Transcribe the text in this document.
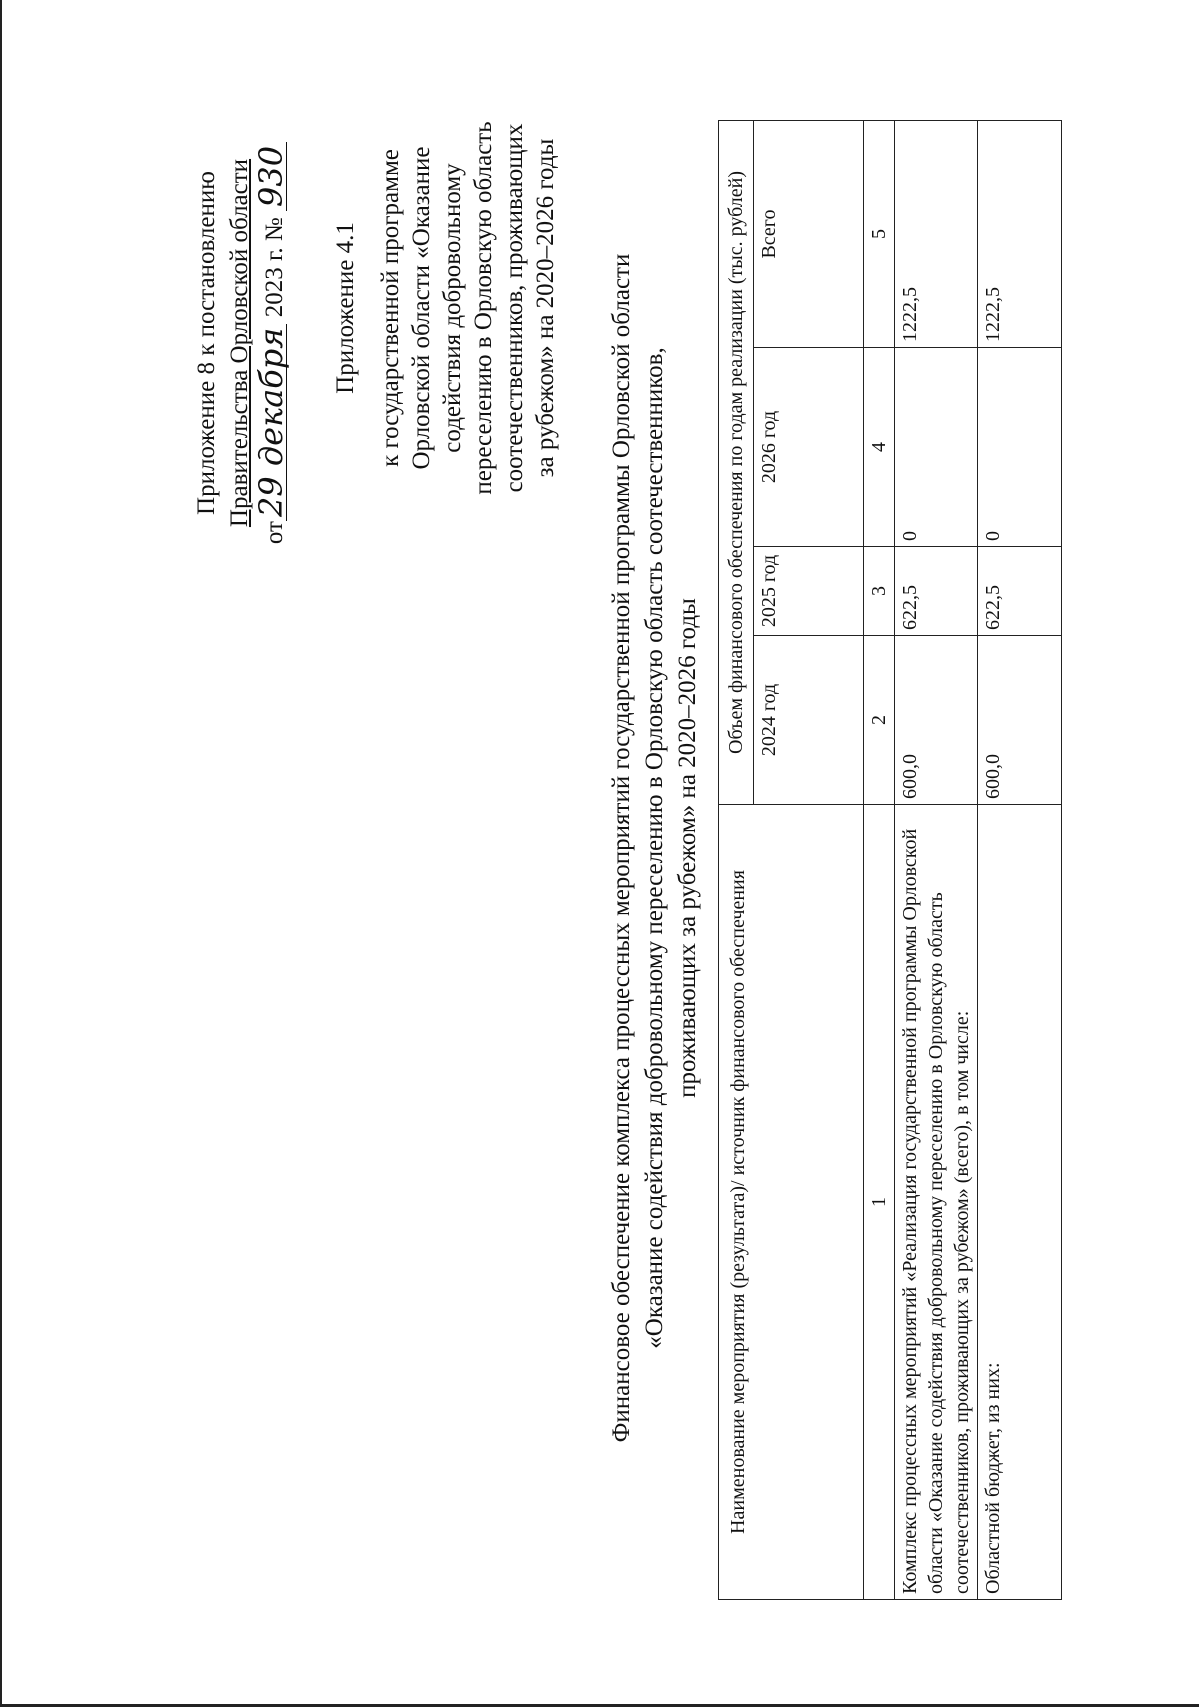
Приложение 8 к постановлению Правительства Орловской области
от29 декабря 2023 г. № 930
Приложение 4.1 к государственной программе Орловской области «Оказание содействия добровольному переселению в Орловскую область соотечественников, проживающих за рубежом» на 2020–2026 годы Финансовое обеспечение комплекса процессных мероприятий государственной программы Орловской области «Оказание содействия добровольному переселению в Орловскую область соотечественников, проживающих за рубежом» на 2020–2026 годы
Наименование мероприятия (результата)/ источник финансового обеспечения	Объем финансового обеспечения по годам реализации (тыс. рублей)			
	2024 год	2025 год	2026 год	Всего
1	2	3	4	5
Комплекс процессных мероприятий «Реализация государственной программы Орловской области «Оказание содействия добровольному переселению в Орловскую область соотечественников, проживающих за рубежом» (всего), в том числе:	600,0	622,5	0	1222,5
Областной бюджет, из них:	600,0	622,5	0	1222,5
